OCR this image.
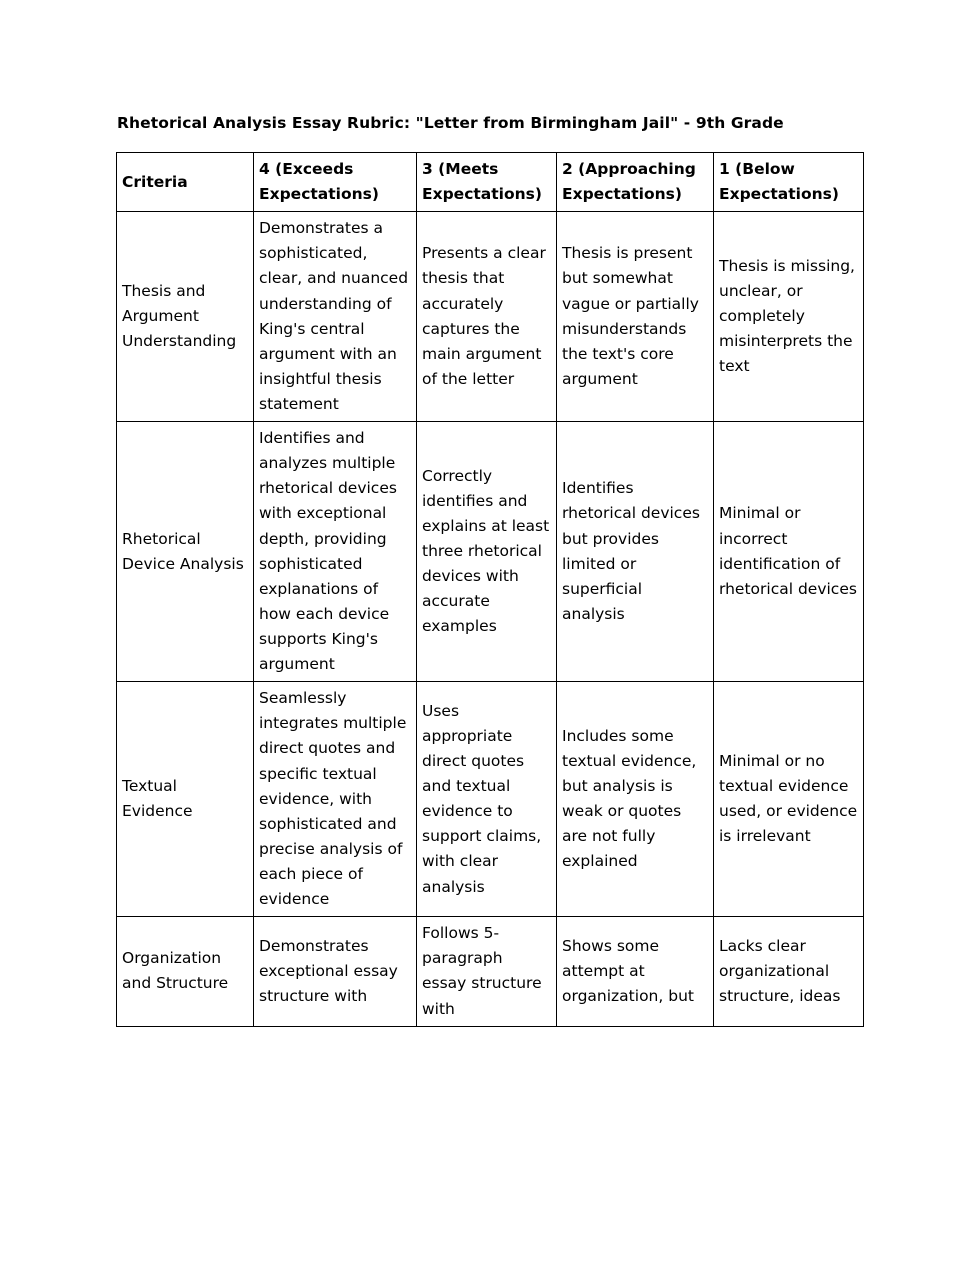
Rhetorical Analysis Essay Rubric: "Letter from Birmingham Jail" - 9th Grade
Criteria	4 (Exceeds Expectations)	3 (Meets Expectations)	2 (Approaching Expectations)	1 (Below Expectations)
Thesis and Argument Understanding	Demonstrates a sophisticated, clear, and nuanced understanding of King's central argument with an insightful thesis statement	Presents a clear thesis that accurately captures the main argument of the letter	Thesis is present but somewhat vague or partially misunderstands the text's core argument	Thesis is missing, unclear, or completely misinterprets the text
Rhetorical Device Analysis	Identifies and analyzes multiple rhetorical devices with exceptional depth, providing sophisticated explanations of how each device supports King's argument	Correctly identifies and explains at least three rhetorical devices with accurate examples	Identifies rhetorical devices but provides limited or superficial analysis	Minimal or incorrect identification of rhetorical devices
Textual Evidence	Seamlessly integrates multiple direct quotes and specific textual evidence, with sophisticated and precise analysis of each piece of evidence	Uses appropriate direct quotes and textual evidence to support claims, with clear analysis	Includes some textual evidence, but analysis is weak or quotes are not fully explained	Minimal or no textual evidence used, or evidence is irrelevant
Organization and Structure	Demonstrates exceptional essay structure with	Follows 5-paragraph essay structure with	Shows some attempt at organization, but	Lacks clear organizational structure, ideas
